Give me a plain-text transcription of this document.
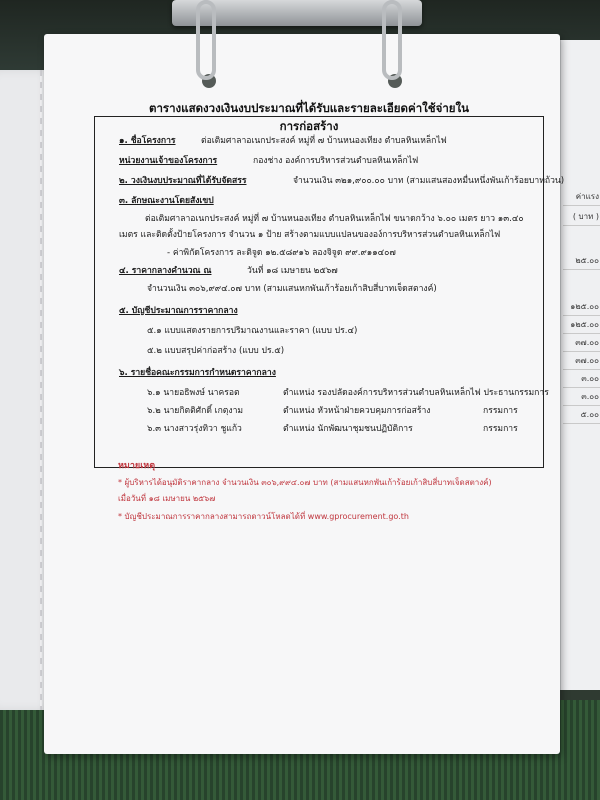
ค่าแรง
( บาท )
๒๕.๐๐
๑๒๕.๐๐
๑๒๕.๐๐
๓๗.๐๐
๓๗.๐๐
๓.๐๐
๓.๐๐
๕.๐๐
ตารางแสดงวงเงินงบประมาณที่ได้รับและรายละเอียดค่าใช้จ่ายในการก่อสร้าง
๑. ชื่อโครงการ	ต่อเติมศาลาอเนกประสงค์ หมู่ที่ ๗ บ้านหนองเทียง ตำบลหินเหล็กไฟ
หน่วยงานเจ้าของโครงการ	กองช่าง องค์การบริหารส่วนตำบลหินเหล็กไฟ
๒. วงเงินงบประมาณที่ได้รับจัดสรร	จำนวนเงิน ๓๒๑,๙๐๐.๐๐ บาท (สามแสนสองหมื่นหนึ่งพันเก้าร้อยบาทถ้วน)
๓. ลักษณะงานโดยสังเขป
ต่อเติมศาลาอเนกประสงค์ หมู่ที่ ๗ บ้านหนองเทียง ตำบลหินเหล็กไฟ ขนาดกว้าง ๖.๐๐ เมตร ยาว ๑๓.๔๐
เมตร และติดตั้งป้ายโครงการ จำนวน ๑ ป้าย สร้างตามแบบแปลนขององ์การบริหารส่วนตำบลหินเหล็กไฟ
- ค่าพิกัดโครงการ ละติจูด ๑๒.๕๘๙๑๖ ลองจิจูด ๙๙.๙๑๑๔๐๗
๔. ราคากลางคำนวณ ณ	วันที่ ๑๘ เมษายน ๒๕๖๗
จำนวนเงิน ๓๐๖,๙๙๔.๐๗ บาท (สามแสนหกพันเก้าร้อยเก้าสิบสี่บาทเจ็ดสตางค์)
๕. บัญชีประมาณการราคากลาง
๕.๑ แบบแสดงรายการปริมาณงานและราคา (แบบ ปร.๔)
๕.๒ แบบสรุปค่าก่อสร้าง (แบบ ปร.๕)
๖. รายชื่อคณะกรรมการกำหนดราคากลาง
๖.๑ นายอธิพงษ์ นาครอต	ตำแหน่ง รองปลัดองค์การบริหารส่วนตำบลหินเหล็กไฟ ประธานกรรมการ
๖.๒ นายกิตติศักดิ์ เกตุงาม	ตำแหน่ง หัวหน้าฝ่ายควบคุมการก่อสร้าง	กรรมการ
๖.๓ นางสาวรุ่งทิวา ชูแก้ว	ตำแหน่ง นักพัฒนาชุมชนปฏิบัติการ	กรรมการ
หมายเหตุ
* ผู้บริหารได้อนุมัติราคากลาง จำนวนเงิน ๓๐๖,๙๙๔.๐๗ บาท (สามแสนหกพันเก้าร้อยเก้าสิบสี่บาทเจ็ดสตางค์)
เมื่อวันที่ ๑๘ เมษายน ๒๕๖๗
* บัญชีประมาณการราคากลางสามารถดาวน์โหลดได้ที่ www.gprocurement.go.th
